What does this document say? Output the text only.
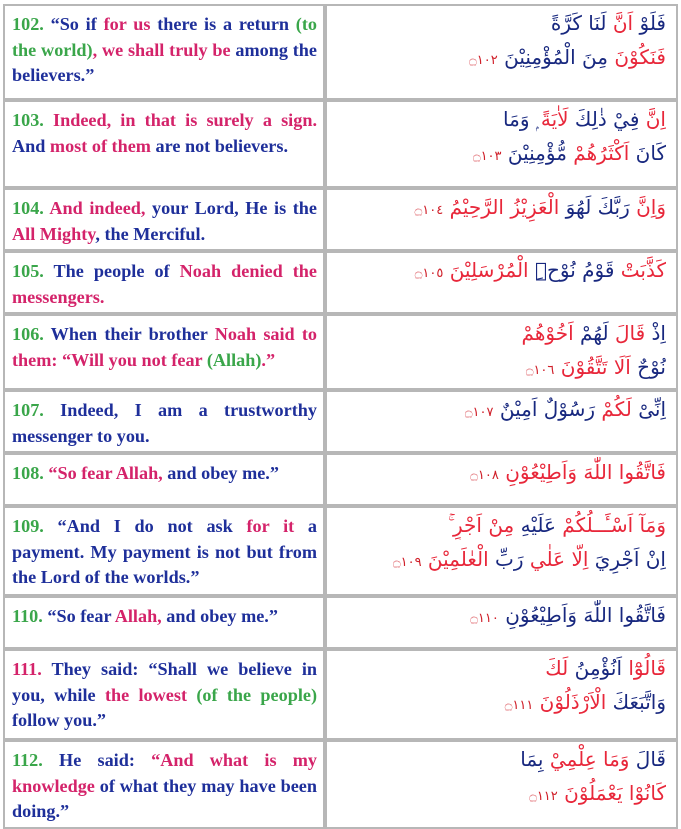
102. “So if for us there is a return (to the world), we shall truly be among the believers.”	فَلَوْ اَنَّ لَنَا كَرَّةً
فَنَكُوْنَ مِنَ الْمُؤْمِنِيْنَ ۝١٠٢

103. Indeed, in that is surely a sign. And most of them are not believers.	اِنَّ فِيْ ذٰلِكَ لَاٰيَةً ۭ وَمَا
كَانَ اَكْثَرُهُمْ مُّؤْمِنِيْنَ ۝١٠٣

104. And indeed, your Lord, He is the All Mighty, the Merciful.	وَاِنَّ رَبَّكَ لَهُوَ الْعَزِيْزُ الرَّحِيْمُ ۝١٠٤

105. The people of Noah denied the messengers.	كَذَّبَتْ قَوْمُ نُوْحِۨ الْمُرْسَلِيْنَ ۝١٠٥

106. When their brother Noah said to them: “Will you not fear (Allah).”	اِذْ قَالَ لَهُمْ اَخُوْهُمْ
نُوْحٌ اَلَا تَتَّقُوْنَ ۝١٠٦

107. Indeed, I am a trustworthy messenger to you.	اِنِّىْ لَكُمْ رَسُوْلٌ اَمِيْنٌ ۝١٠٧

108. “So fear Allah, and obey me.”	فَاتَّقُوا اللّٰهَ وَاَطِيْعُوْنِ ۝١٠٨

109. “And I do not ask for it a payment. My payment is not but from the Lord of the worlds.”	وَمَآ اَسْـَٔــلُكُمْ عَلَيْهِ مِنْ اَجْرٍ ۚ
اِنْ اَجْرِيَ اِلَّا عَلٰي رَبِّ الْعٰلَمِيْنَ ۝١٠٩

110. “So fear Allah, and obey me.”	فَاتَّقُوا اللّٰهَ وَاَطِيْعُوْنِ ۝١١٠

111. They said: “Shall we believe in you, while the lowest (of the people) follow you.”	قَالُوْٓا اَنُؤْمِنُ لَكَ
وَاتَّبَعَكَ الْاَرْذَلُوْنَ ۝١١١

112. He said: “And what is my knowledge of what they may have been doing.”	قَالَ وَمَا عِلْمِيْ بِمَا
كَانُوْا يَعْمَلُوْنَ ۝١١٢
